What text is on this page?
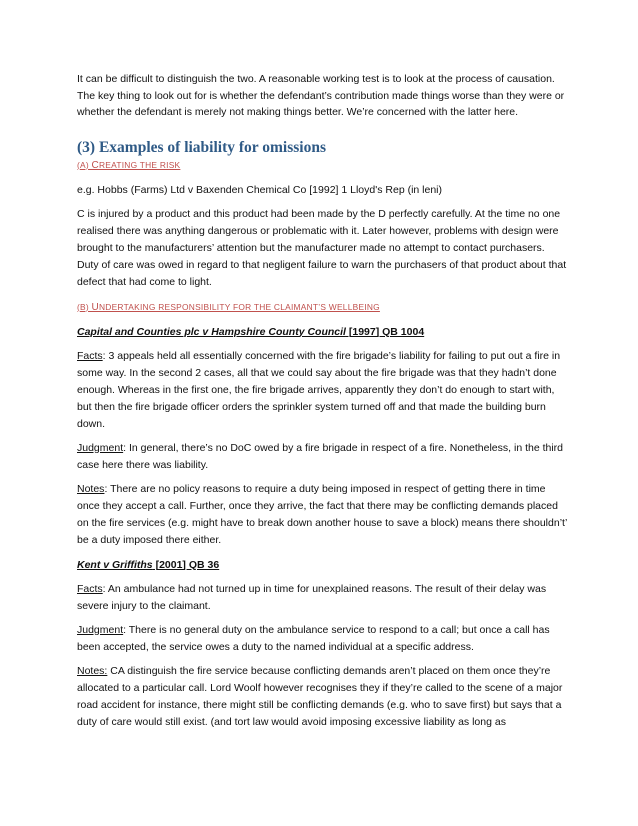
It can be difficult to distinguish the two. A reasonable working test is to look at the process of causation. The key thing to look out for is whether the defendant’s contribution made things worse than they were or whether the defendant is merely not making things better. We’re concerned with the latter here.

(3) Examples of liability for omissions
(A) CREATING THE RISK

e.g. Hobbs (Farms) Ltd v Baxenden Chemical Co [1992] 1 Lloyd's Rep (in leni)

C is injured by a product and this product had been made by the D perfectly carefully. At the time no one realised there was anything dangerous or problematic with it. Later however, problems with design were brought to the manufacturers’ attention but the manufacturer made no attempt to contact purchasers. Duty of care was owed in regard to that negligent failure to warn the purchasers of that product about that defect that had come to light.

(B) UNDERTAKING RESPONSIBILITY FOR THE CLAIMANT’S WELLBEING

Capital and Counties plc v Hampshire County Council [1997] QB 1004

Facts: 3 appeals held all essentially concerned with the fire brigade’s liability for failing to put out a fire in some way. In the second 2 cases, all that we could say about the fire brigade was that they hadn’t done enough. Whereas in the first one, the fire brigade arrives, apparently they don’t do enough to start with, but then the fire brigade officer orders the sprinkler system turned off and that made the building burn down.

Judgment: In general, there’s no DoC owed by a fire brigade in respect of a fire. Nonetheless, in the third case here there was liability.

Notes: There are no policy reasons to require a duty being imposed in respect of getting there in time once they accept a call. Further, once they arrive, the fact that there may be conflicting demands placed on the fire services (e.g. might have to break down another house to save a block) means there shouldn’t’ be a duty imposed there either.

Kent v Griffiths [2001] QB 36

Facts: An ambulance had not turned up in time for unexplained reasons. The result of their delay was severe injury to the claimant.

Judgment: There is no general duty on the ambulance service to respond to a call; but once a call has been accepted, the service owes a duty to the named individual at a specific address.

Notes: CA distinguish the fire service because conflicting demands aren’t placed on them once they’re allocated to a particular call. Lord Woolf however recognises they if they’re called to the scene of a major road accident for instance, there might still be conflicting demands (e.g. who to save first) but says that a duty of care would still exist. (and tort law would avoid imposing excessive liability as long as
